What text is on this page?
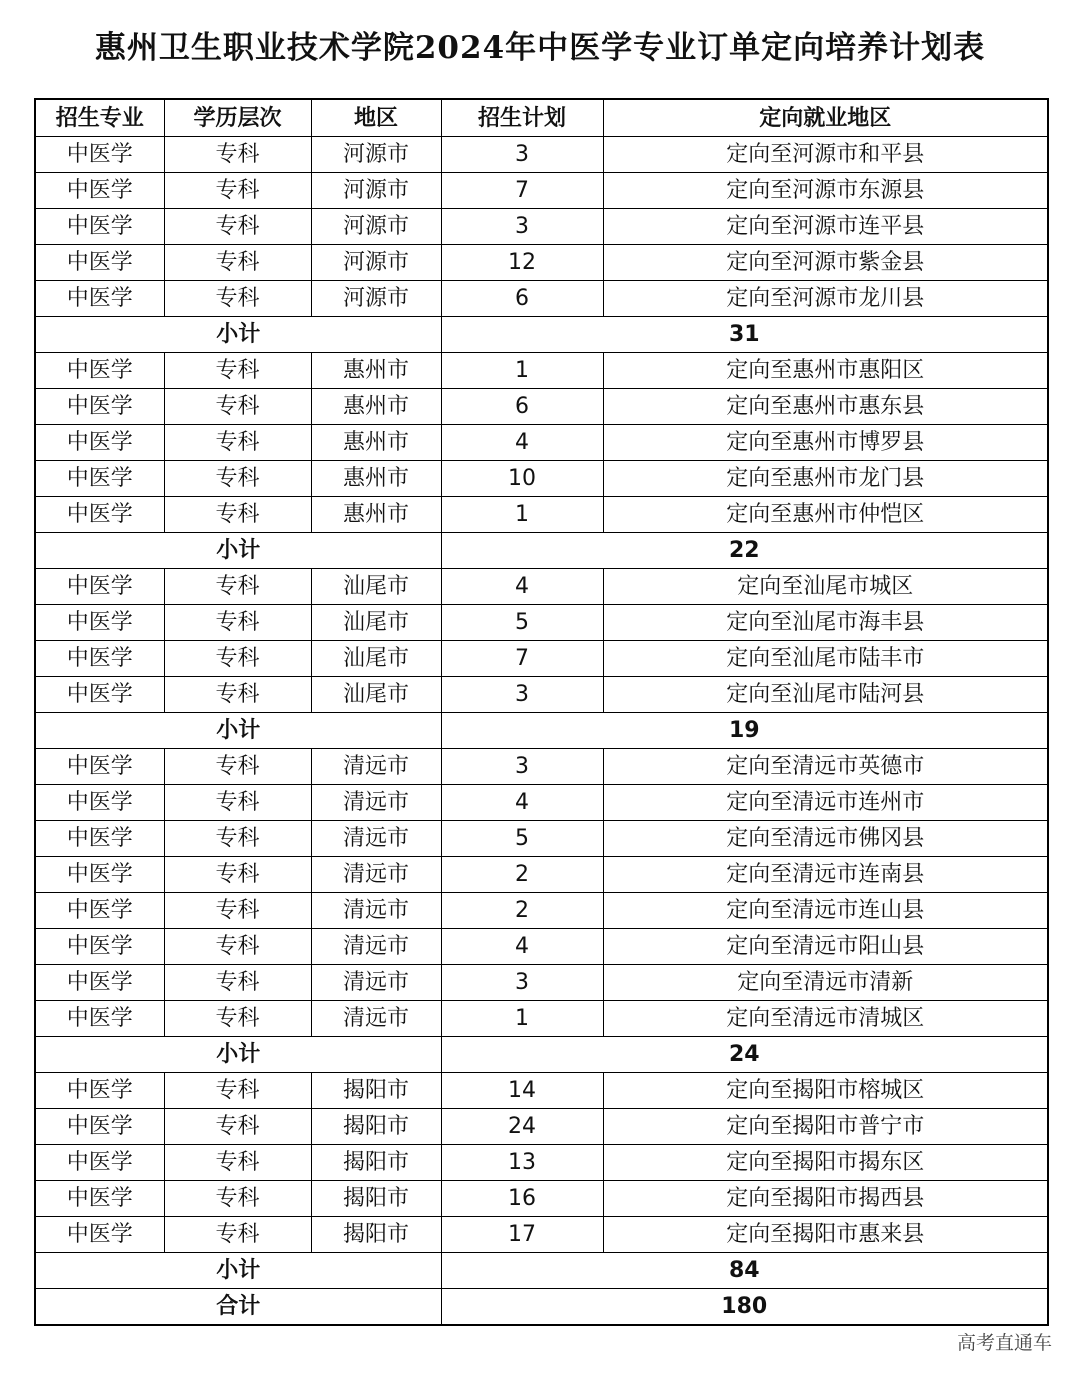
惠州卫生职业技术学院2024年中医学专业订单定向培养计划表
招生专业	学历层次	地区	招生计划	定向就业地区
中医学	专科	河源市	3	定向至河源市和平县
中医学	专科	河源市	7	定向至河源市东源县
中医学	专科	河源市	3	定向至河源市连平县
中医学	专科	河源市	12	定向至河源市紫金县
中医学	专科	河源市	6	定向至河源市龙川县
小计			31	
中医学	专科	惠州市	1	定向至惠州市惠阳区
中医学	专科	惠州市	6	定向至惠州市惠东县
中医学	专科	惠州市	4	定向至惠州市博罗县
中医学	专科	惠州市	10	定向至惠州市龙门县
中医学	专科	惠州市	1	定向至惠州市仲恺区
小计			22	
中医学	专科	汕尾市	4	定向至汕尾市城区
中医学	专科	汕尾市	5	定向至汕尾市海丰县
中医学	专科	汕尾市	7	定向至汕尾市陆丰市
中医学	专科	汕尾市	3	定向至汕尾市陆河县
小计			19	
中医学	专科	清远市	3	定向至清远市英德市
中医学	专科	清远市	4	定向至清远市连州市
中医学	专科	清远市	5	定向至清远市佛冈县
中医学	专科	清远市	2	定向至清远市连南县
中医学	专科	清远市	2	定向至清远市连山县
中医学	专科	清远市	4	定向至清远市阳山县
中医学	专科	清远市	3	定向至清远市清新
中医学	专科	清远市	1	定向至清远市清城区
小计			24	
中医学	专科	揭阳市	14	定向至揭阳市榕城区
中医学	专科	揭阳市	24	定向至揭阳市普宁市
中医学	专科	揭阳市	13	定向至揭阳市揭东区
中医学	专科	揭阳市	16	定向至揭阳市揭西县
中医学	专科	揭阳市	17	定向至揭阳市惠来县
小计			84	
合计			180	
高考直通车
